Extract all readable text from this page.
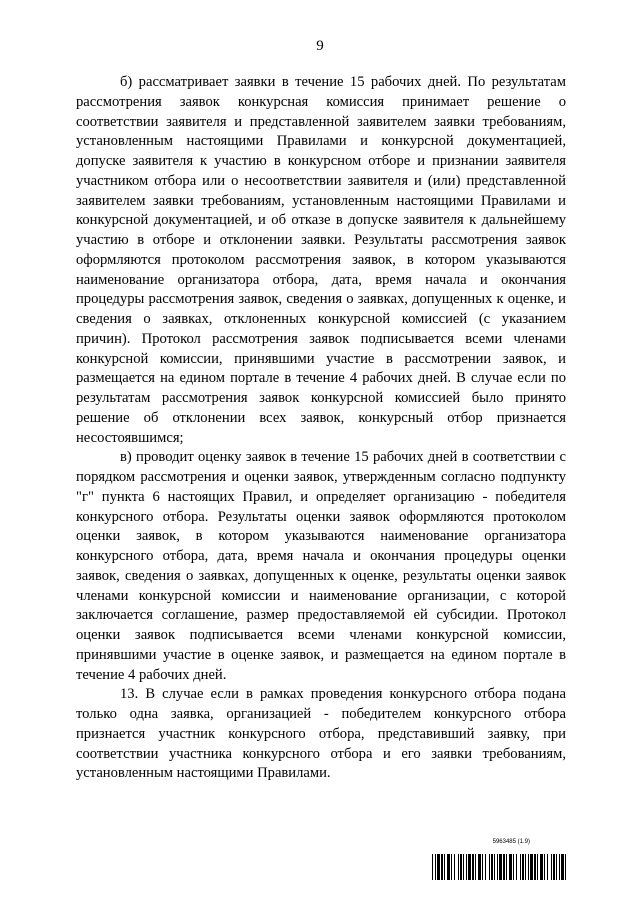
9

б) рассматривает заявки в течение 15 рабочих дней. По результатам рассмотрения заявок конкурсная комиссия принимает решение о соответствии заявителя и представленной заявителем заявки требованиям, установленным настоящими Правилами и конкурсной документацией, допуске заявителя к участию в конкурсном отборе и признании заявителя участником отбора или о несоответствии заявителя и (или) представленной заявителем заявки требованиям, установленным настоящими Правилами и конкурсной документацией, и об отказе в допуске заявителя к дальнейшему участию в отборе и отклонении заявки. Результаты рассмотрения заявок оформляются протоколом рассмотрения заявок, в котором указываются наименование организатора отбора, дата, время начала и окончания процедуры рассмотрения заявок, сведения о заявках, допущенных к оценке, и сведения о заявках, отклоненных конкурсной комиссией (с указанием причин). Протокол рассмотрения заявок подписывается всеми членами конкурсной комиссии, принявшими участие в рассмотрении заявок, и размещается на едином портале в течение 4 рабочих дней. В случае если по результатам рассмотрения заявок конкурсной комиссией было принято решение об отклонении всех заявок, конкурсный отбор признается несостоявшимся;

в) проводит оценку заявок в течение 15 рабочих дней в соответствии с порядком рассмотрения и оценки заявок, утвержденным согласно подпункту "г" пункта 6 настоящих Правил, и определяет организацию - победителя конкурсного отбора. Результаты оценки заявок оформляются протоколом оценки заявок, в котором указываются наименование организатора конкурсного отбора, дата, время начала и окончания процедуры оценки заявок, сведения о заявках, допущенных к оценке, результаты оценки заявок членами конкурсной комиссии и наименование организации, с которой заключается соглашение, размер предоставляемой ей субсидии. Протокол оценки заявок подписывается всеми членами конкурсной комиссии, принявшими участие в оценке заявок, и размещается на едином портале в течение 4 рабочих дней.

13. В случае если в рамках проведения конкурсного отбора подана только одна заявка, организацией - победителем конкурсного отбора признается участник конкурсного отбора, представивший заявку, при соответствии участника конкурсного отбора и его заявки требованиям, установленным настоящими Правилами.

5963485 (1.9)
